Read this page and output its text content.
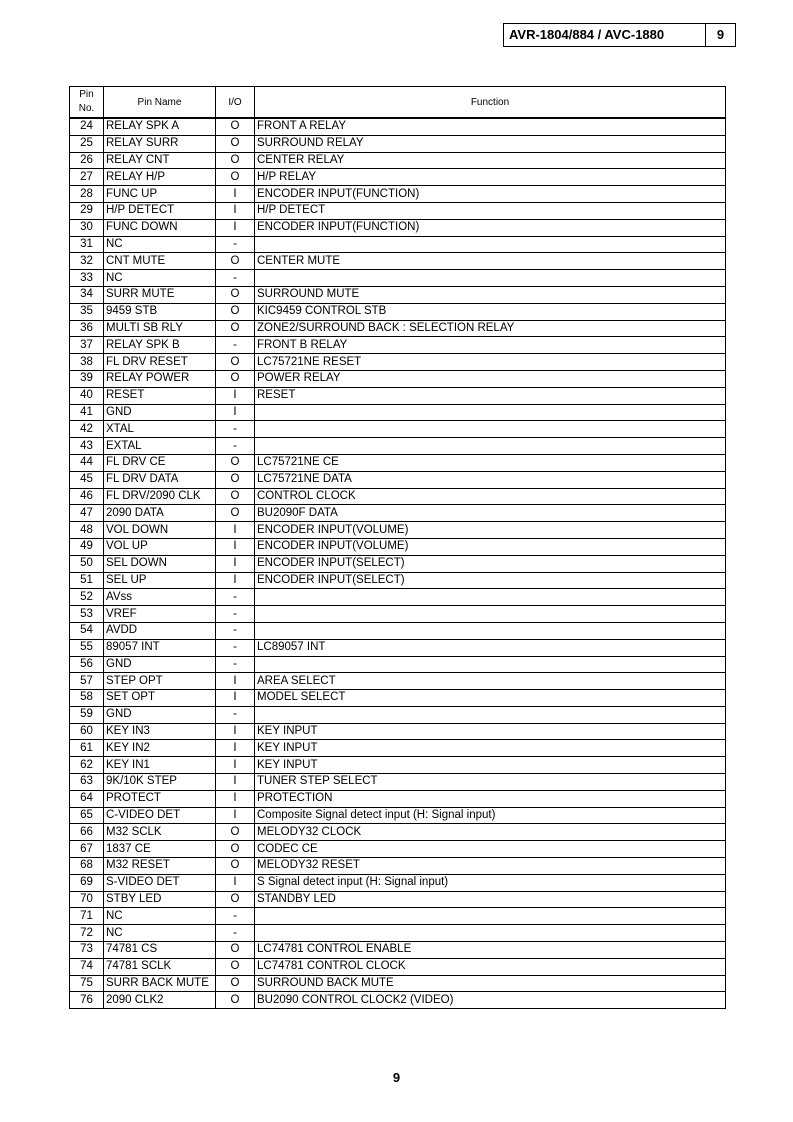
AVR-1804/884 / AVC-1880	9
Pin
No.	Pin Name	I/O	Function
24	RELAY SPK A	O	FRONT A RELAY
25	RELAY SURR	O	SURROUND RELAY
26	RELAY CNT	O	CENTER RELAY
27	RELAY H/P	O	H/P RELAY
28	FUNC UP	I	ENCODER INPUT(FUNCTION)
29	H/P DETECT	I	H/P DETECT
30	FUNC DOWN	I	ENCODER INPUT(FUNCTION)
31	NC	-	
32	CNT MUTE	O	CENTER MUTE
33	NC	-	
34	SURR MUTE	O	SURROUND MUTE
35	9459 STB	O	KIC9459 CONTROL STB
36	MULTI SB RLY	O	ZONE2/SURROUND BACK : SELECTION RELAY
37	RELAY SPK B	-	FRONT B RELAY
38	FL DRV RESET	O	LC75721NE RESET
39	RELAY POWER	O	POWER RELAY
40	RESET	I	RESET
41	GND	I	
42	XTAL	-	
43	EXTAL	-	
44	FL DRV CE	O	LC75721NE CE
45	FL DRV DATA	O	LC75721NE DATA
46	FL DRV/2090 CLK	O	CONTROL CLOCK
47	2090 DATA	O	BU2090F DATA
48	VOL DOWN	I	ENCODER INPUT(VOLUME)
49	VOL UP	I	ENCODER INPUT(VOLUME)
50	SEL DOWN	I	ENCODER INPUT(SELECT)
51	SEL UP	I	ENCODER INPUT(SELECT)
52	AVss	-	
53	VREF	-	
54	AVDD	-	
55	89057 INT	-	LC89057 INT
56	GND	-	
57	STEP OPT	I	AREA SELECT
58	SET OPT	I	MODEL SELECT
59	GND	-	
60	KEY IN3	I	KEY INPUT
61	KEY IN2	I	KEY INPUT
62	KEY IN1	I	KEY INPUT
63	9K/10K STEP	I	TUNER STEP SELECT
64	PROTECT	I	PROTECTION
65	C-VIDEO DET	I	Composite Signal detect input (H: Signal input)
66	M32 SCLK	O	MELODY32 CLOCK
67	1837 CE	O	CODEC CE
68	M32 RESET	O	MELODY32 RESET
69	S-VIDEO DET	I	S Signal detect input (H: Signal input)
70	STBY LED	O	STANDBY LED
71	NC	-	
72	NC	-	
73	74781 CS	O	LC74781 CONTROL ENABLE
74	74781 SCLK	O	LC74781 CONTROL CLOCK
75	SURR BACK MUTE	O	SURROUND BACK MUTE
76	2090 CLK2	O	BU2090 CONTROL CLOCK2 (VIDEO)
9
